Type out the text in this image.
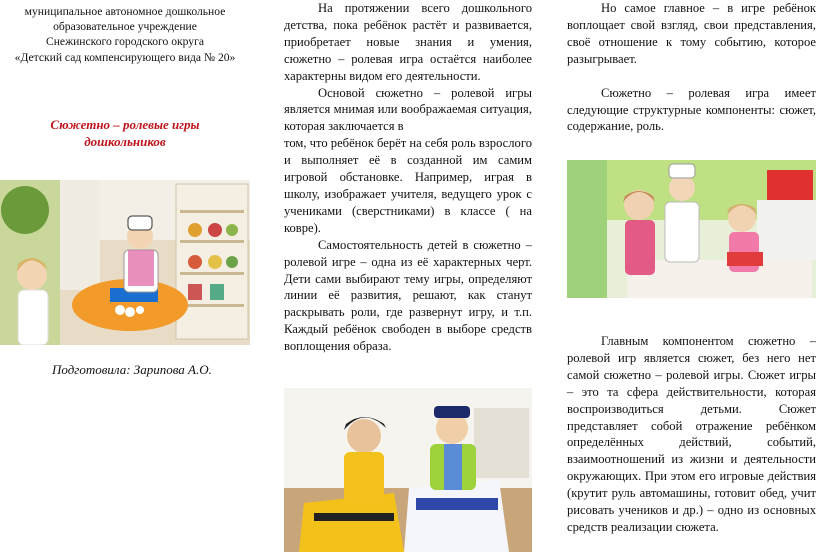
муниципальное автономное дошкольное
образовательное учреждение
Снежинского городского округа
«Детский сад компенсирующего вида № 20»
Сюжетно – ролевые игры
дошкольников
Подготовила: Зарипова А.О.

На протяжении всего дошкольного детства, пока ребёнок растёт и развивается, приобретает новые знания и умения, сюжетно – ролевая игра остаётся наиболее характерны видом его деятельности.

Основой сюжетно – ролевой игры является мнимая или воображаемая ситуация, которая заключается в

том, что ребёнок берёт на себя роль взрослого и выполняет её в созданной им самим игровой обстановке. Например, играя в школу, изображает учителя, ведущего урок с учениками (сверстниками) в классе ( на ковре).

Самостоятельность детей в сюжетно – ролевой игре – одна из её характерных черт. Дети сами выбирают тему игры, определяют линии её развития, решают, как станут раскрывать роли, где развернут игру, и т.п. Каждый ребёнок свободен в выборе средств воплощения образа.

Но самое главное – в игре ребёнок воплощает свой взгляд, свои представления, своё отношение к тому событию, которое разыгрывает.

Сюжетно – ролевая игра имеет следующие структурные компоненты: сюжет, содержание, роль.

Главным компонентом сюжетно – ролевой игр является сюжет, без него нет самой сюжетно – ролевой игры. Сюжет игры – это та сфера действительности, которая воспроизводиться детьми. Сюжет представляет собой отражение ребёнком определённых действий, событий, взаимоотношений из жизни и деятельности окружающих. При этом его игровые действия (крутит руль автомашины, готовит обед, учит рисовать учеников и др.) – одно из основных средств реализации сюжета.
